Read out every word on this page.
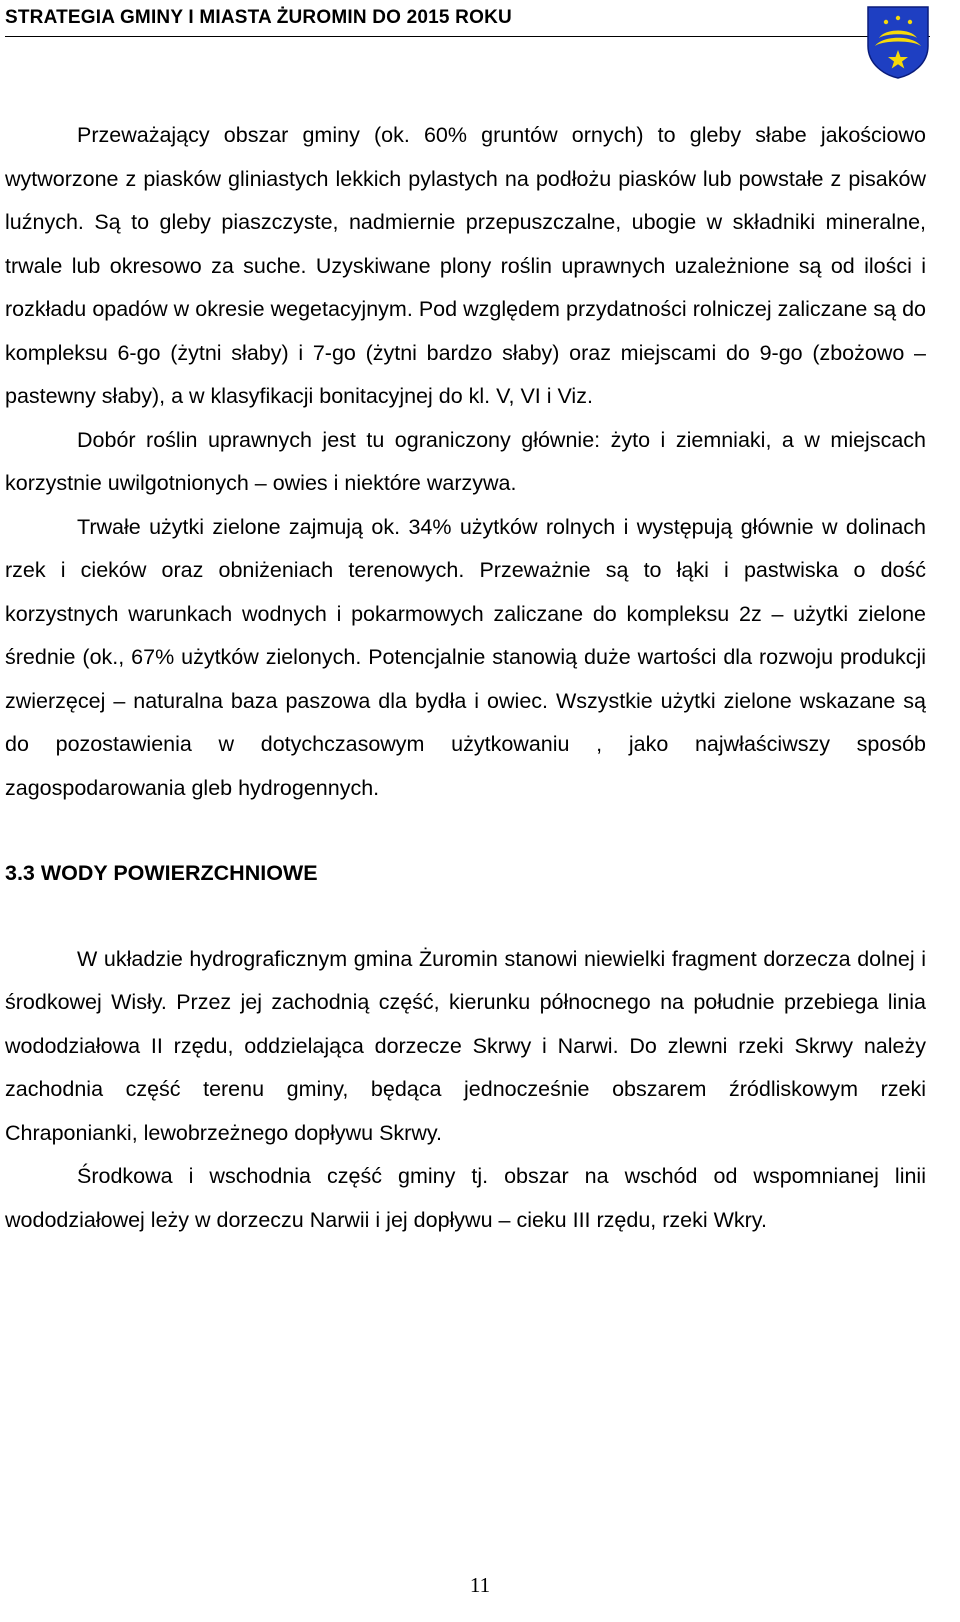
STRATEGIA GMINY I MIASTA ŻUROMIN DO 2015 ROKU

Przeważający obszar gminy (ok. 60% gruntów ornych) to gleby słabe jakościowo wytworzone z piasków gliniastych lekkich pylastych na podłożu piasków lub powstałe z pisaków luźnych. Są to gleby piaszczyste, nadmiernie przepuszczalne, ubogie w składniki mineralne, trwale lub okresowo za suche. Uzyskiwane plony roślin uprawnych uzależnione są od ilości i rozkładu opadów w okresie wegetacyjnym. Pod względem przydatności rolniczej zaliczane są do kompleksu 6-go (żytni słaby) i 7-go (żytni bardzo słaby) oraz miejscami do 9-go (zbożowo – pastewny słaby), a w klasyfikacji bonitacyjnej do kl. V, VI i Viz.

Dobór roślin uprawnych jest tu ograniczony głównie: żyto i ziemniaki, a w miejscach korzystnie uwilgotnionych – owies i niektóre warzywa.

Trwałe użytki zielone zajmują ok. 34% użytków rolnych i występują głównie w dolinach rzek i cieków oraz obniżeniach terenowych. Przeważnie są to łąki i pastwiska o dość korzystnych warunkach wodnych i pokarmowych zaliczane do kompleksu 2z – użytki zielone średnie (ok., 67% użytków zielonych. Potencjalnie stanowią duże wartości dla rozwoju produkcji zwierzęcej – naturalna baza paszowa dla bydła i owiec. Wszystkie użytki zielone wskazane są do pozostawienia w dotychczasowym użytkowaniu , jako najwłaściwszy sposób zagospodarowania gleb hydrogennych.

3.3 WODY POWIERZCHNIOWE

W układzie hydrograficznym gmina Żuromin stanowi niewielki fragment dorzecza dolnej i środkowej Wisły. Przez jej zachodnią część, kierunku północnego na południe przebiega linia wododziałowa II rzędu, oddzielająca dorzecze Skrwy i Narwi. Do zlewni rzeki Skrwy należy zachodnia część terenu gminy, będąca jednocześnie obszarem źródliskowym rzeki Chraponianki, lewobrzeżnego dopływu Skrwy.

Środkowa i wschodnia część gminy tj. obszar na wschód od wspomnianej linii wododziałowej leży w dorzeczu Narwii i jej dopływu – cieku III rzędu, rzeki Wkry.

11
